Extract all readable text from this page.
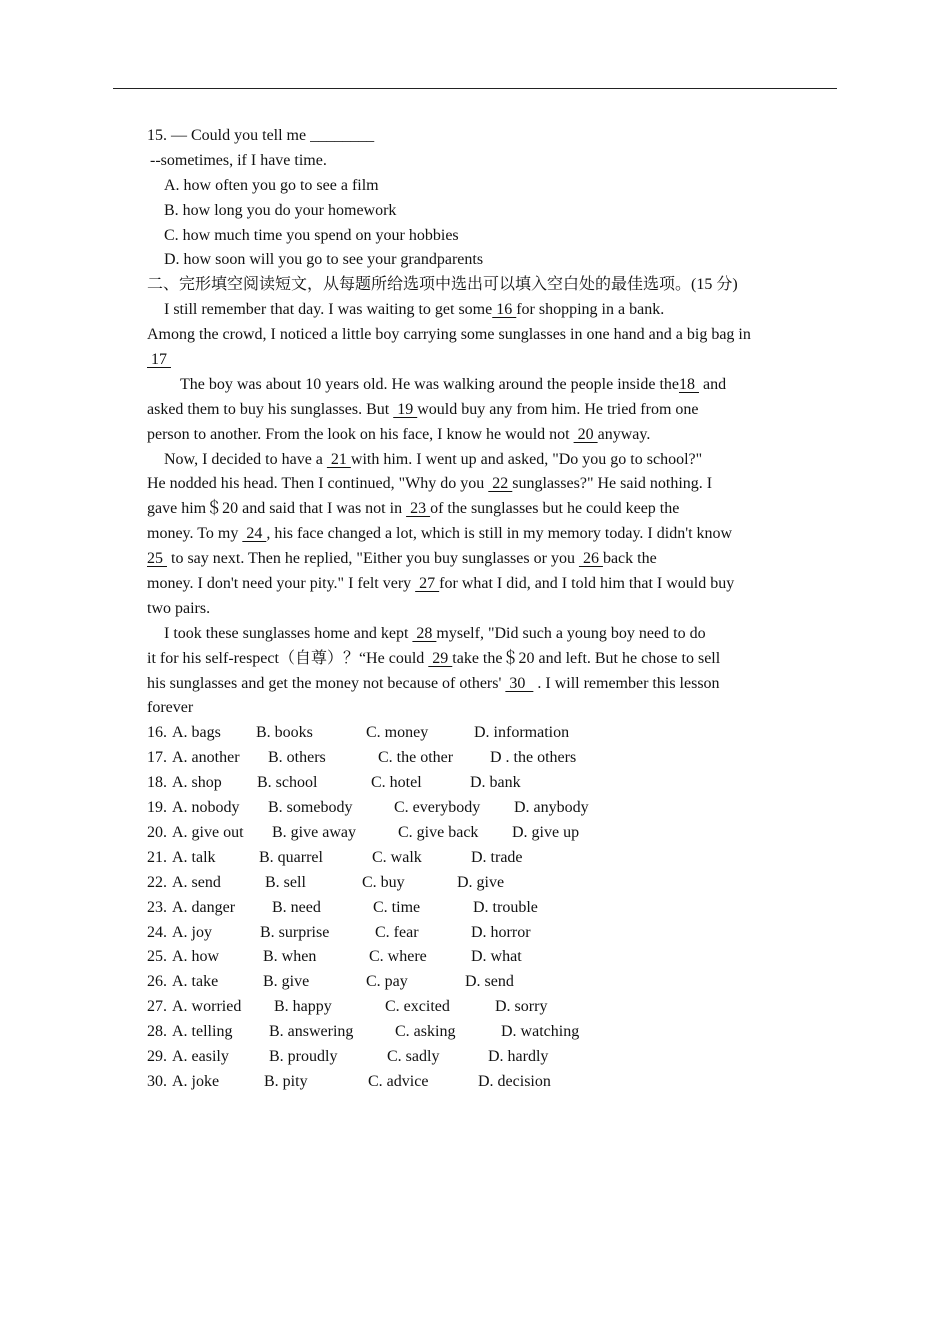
15. — Could you tell me ________
--sometimes, if I have time.
A. how often you go to see a film
B. how long you do your homework
C. how much time you spend on your hobbies
D. how soon will you go to see your grandparents
二、完形填空阅读短文，从每题所给选项中选出可以填入空白处的最佳选项。(15 分)
I still remember that day. I was waiting to get some 16 for shopping in a bank.
Among the crowd, I noticed a little boy carrying some sunglasses in one hand and a big bag in
17
The boy was about 10 years old. He was walking around the people inside the18  and
asked them to buy his sunglasses. But  19 would buy any from him. He tried from one
person to another. From the look on his face, I know he would not  20 anyway.
Now, I decided to have a  21 with him. I went up and asked, "Do you go to school?"
He nodded his head. Then I continued, "Why do you  22 sunglasses?" He said nothing. I
gave him＄20 and said that I was not in  23 of the sunglasses but he could keep the
money. To my  24 , his face changed a lot, which is still in my memory today. I didn't know
25  to say next. Then he replied, "Either you buy sunglasses or you  26 back the
money. I don't need your pity." I felt very  27 for what I did, and I told him that I would buy
two pairs.
I took these sunglasses home and kept  28 myself, "Did such a young boy need to do
it for his self-respect（自尊）？“He could  29 take the＄20 and left. But he chose to sell
his sunglasses and get the money not because of others'  30   . I will remember this lesson
forever
16. A. bags B. books	C. money	D. information
17. A. another B. others	C. the other D . the others
18. A. shop B. school	C. hotel	D. bank
19. A. nobody B. somebody	C. everybody D. anybody
20. A. give out B. give away	C. give back D. give up
21. A. talk	B. quarrel	C. walk	D. trade
22. A. send	B. sell	C. buy	D. give
23. A. danger B. need	C. time	D. trouble
24. A. joy	B. surprise	C. fear	D. horror
25. A. how	B. when	C. where	D. what
26. A. take	B. give	C. pay	D. send
27. A. worried B. happy	C. excited	D. sorry
28. A. telling B. answering	C. asking	D. watching
29. A. easily	B. proudly	C. sadly	D. hardly
30. A. joke	B. pity	C. advice	D. decision
